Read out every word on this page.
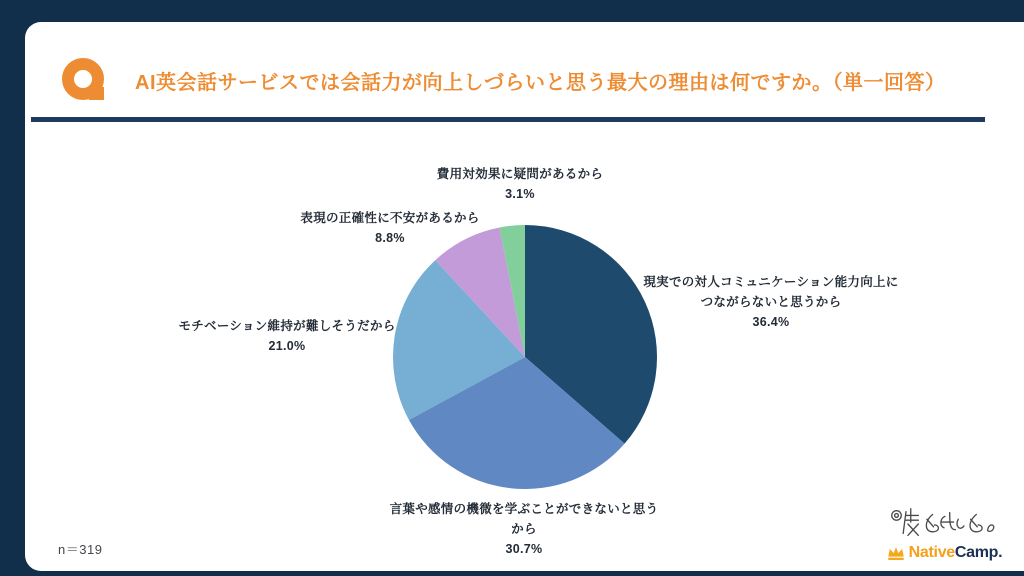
AI英会話サービスでは会話力が向上しづらいと思う最大の理由は何ですか。（単一回答）
費用対効果に疑問があるから
3.1%
表現の正確性に不安があるから
8.8%
モチベーション維持が難しそうだから
21.0%
現実での対人コミュニケーション能力向上に
つながらないと思うから
36.4%
言葉や感情の機微を学ぶことができないと思うから
30.7%
n＝319	NativeCamp.
